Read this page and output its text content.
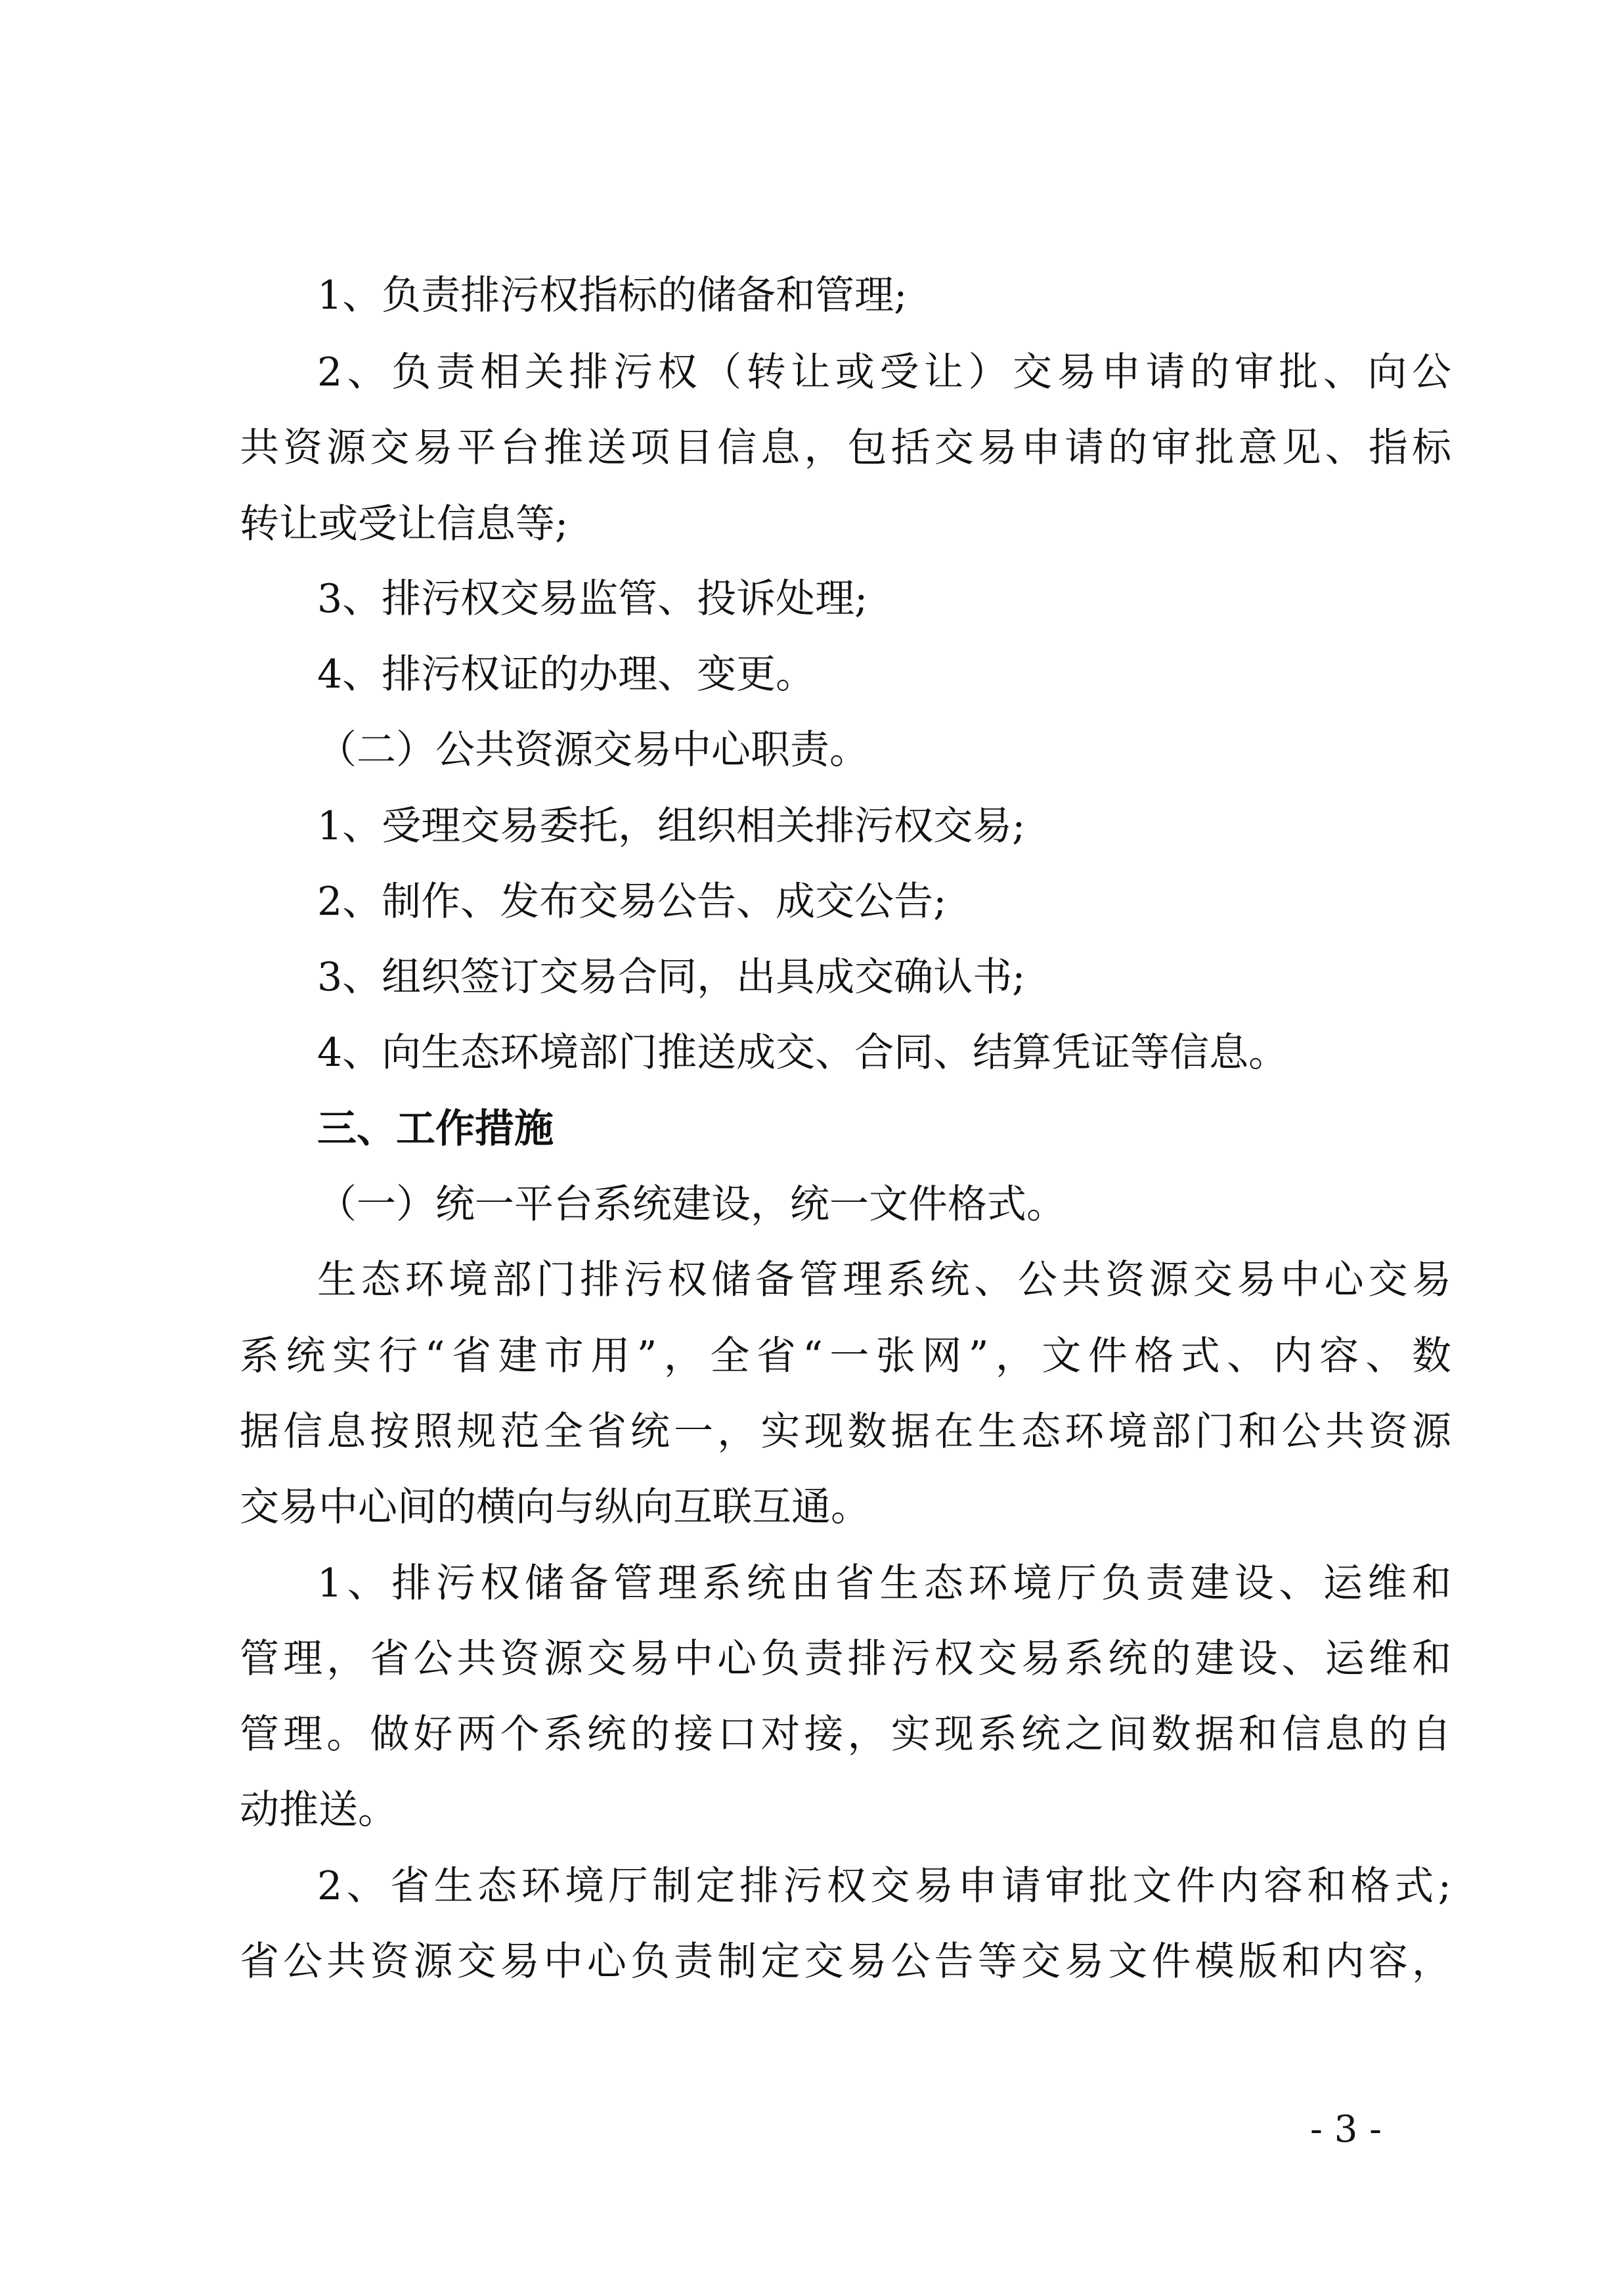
1、负责排污权指标的储备和管理;
2、负责相关排污权（转让或受让）交易申请的审批、向公
共资源交易平台推送项目信息，包括交易申请的审批意见、指标
转让或受让信息等;
3、排污权交易监管、投诉处理;
4、排污权证的办理、变更。
（二）公共资源交易中心职责。
1、受理交易委托，组织相关排污权交易;
2、制作、发布交易公告、成交公告;
3、组织签订交易合同，出具成交确认书;
4、向生态环境部门推送成交、合同、结算凭证等信息。
三、工作措施
（一）统一平台系统建设，统一文件格式。
生态环境部门排污权储备管理系统、公共资源交易中心交易
系统实行“省建市用”，全省“一张网”，文件格式、内容、数
据信息按照规范全省统一，实现数据在生态环境部门和公共资源
交易中心间的横向与纵向互联互通。
1、排污权储备管理系统由省生态环境厅负责建设、运维和
管理，省公共资源交易中心负责排污权交易系统的建设、运维和
管理。做好两个系统的接口对接，实现系统之间数据和信息的自
动推送。
2、省生态环境厅制定排污权交易申请审批文件内容和格式;
省公共资源交易中心负责制定交易公告等交易文件模版和内容，
- 3 -
